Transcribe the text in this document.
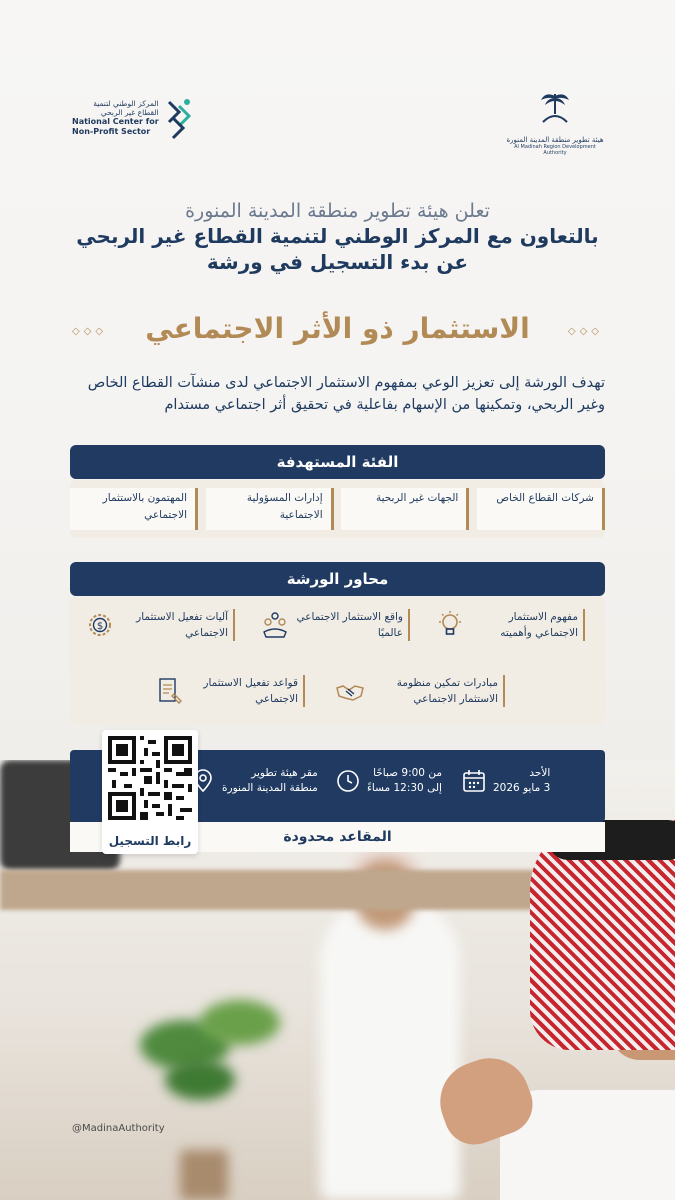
هيئة تطوير منطقة المدينة المنورة
Al Madinah Region Development Authority
المركز الوطني لتنمية
القطاع غير الربحي
National Center for
Non-Profit Sector
تعلن هيئة تطوير منطقة المدينة المنورة
بالتعاون مع المركز الوطني لتنمية القطاع غير الربحي
عن بدء التسجيل في ورشة
◇◇◇	◇◇◇
الاستثمار ذو الأثر الاجتماعي
تهدف الورشة إلى تعزيز الوعي بمفهوم الاستثمار الاجتماعي لدى منشآت القطاع الخاص وغير الربحي، وتمكينها من الإسهام بفاعلية في تحقيق أثر اجتماعي مستدام
الفئة المستهدفة
شركات القطاع الخاص
الجهات غير الربحية
إدارات المسؤولية الاجتماعية
المهتمون بالاستثمار الاجتماعي
محاور الورشة
مفهوم الاستثمار الاجتماعي وأهميته
واقع الاستثمار الاجتماعي عالميًا
$
آليات تفعيل الاستثمار الاجتماعي
مبادرات تمكين منظومة الاستثمار الاجتماعي
قواعد تفعيل الاستثمار الاجتماعي
الأحد
3 مايو 2026
من 9:00 صباحًا
إلى 12:30 مساءً
مقر هيئة تطوير
منطقة المدينة المنورة
المقاعد محدودة
رابط التسجيل
@MadinaAuthority
